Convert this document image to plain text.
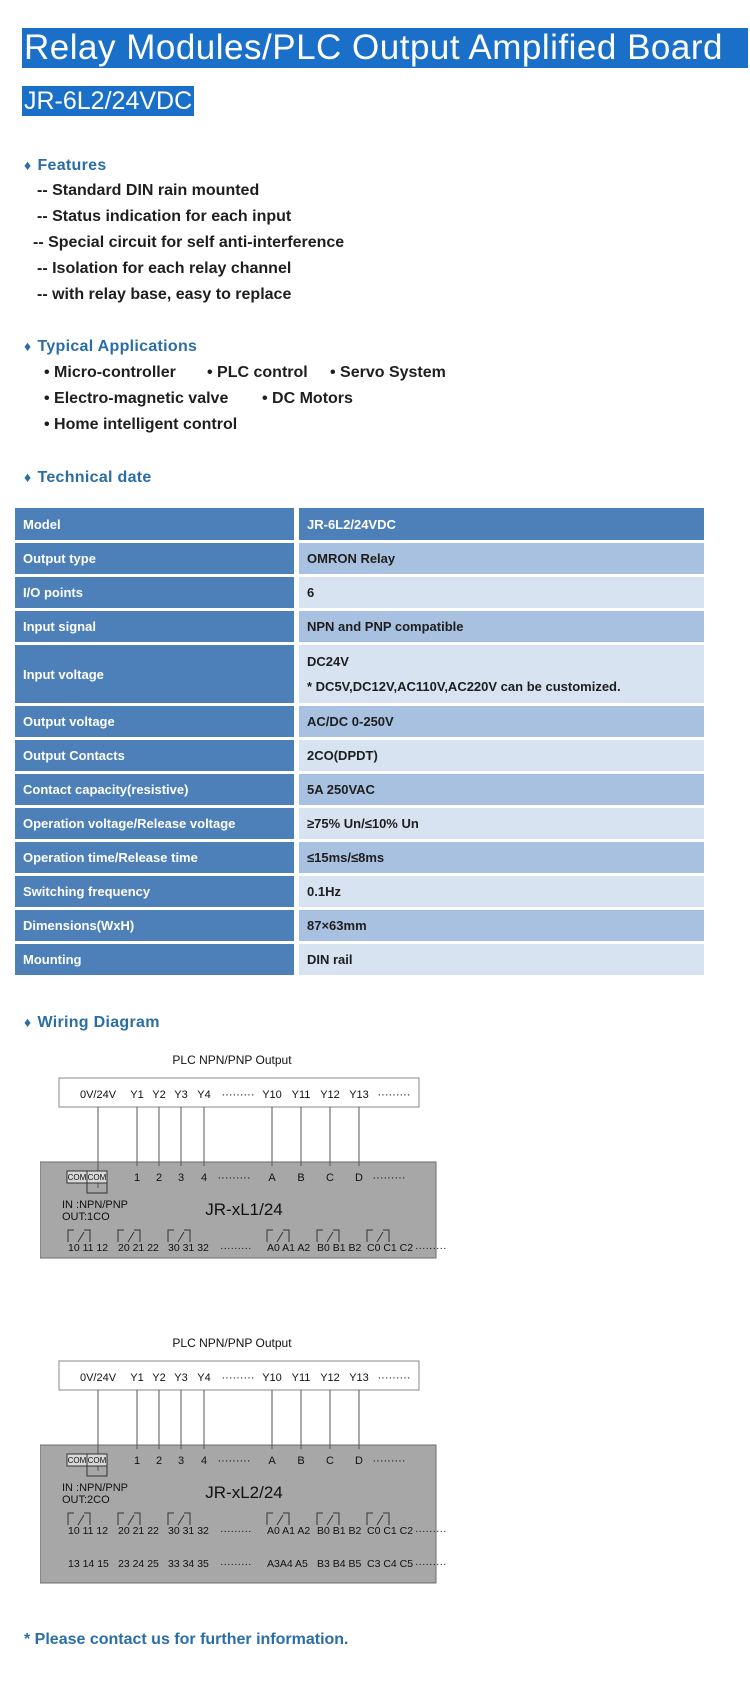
Relay Modules/PLC Output Amplified Board
JR-6L2/24VDC
♦ Features
-- Standard DIN rain mounted
-- Status indication for each input
-- Special circuit for self anti-interference
-- Isolation for each relay channel
-- with relay base, easy to replace
♦ Typical Applications
• Micro-controller • PLC control • Servo System
• Electro-magnetic valve • DC Motors
• Home intelligent control
♦ Technical date
Model		JR-6L2/24VDC
Output type		OMRON Relay
I/O points		6
Input signal		NPN and PNP compatible
Input voltage		DC24V
* DC5V,DC12V,AC110V,AC220V can be customized.

Output voltage		AC/DC 0-250V
Output Contacts		2CO(DPDT)
Contact capacity(resistive)		5A 250VAC
Operation voltage/Release voltage		≥75% Un/≤10% Un
Operation time/Release time		≤15ms/≤8ms
Switching frequency		0.1Hz
Dimensions(WxH)		87×63mm
Mounting		DIN rail
♦ Wiring Diagram
PLC NPN/PNP Output
0V/24V Y1 Y2 Y3 Y4 ········· Y10 Y11 Y12 Y13 ·········
COM COM	1 2 3 4 ········· A B C D ·········
IN :NPN/PNP
OUT:1CO	JR-xL1/24
10 11 12 20 21 22 30 31 32 ········· A0 A1 A2 B0 B1 B2 C0 C1 C2 ·········
PLC NPN/PNP Output
0V/24V Y1 Y2 Y3 Y4 ········· Y10 Y11 Y12 Y13 ·········
COM COM	1 2 3 4 ········· A B C D ·········
IN :NPN/PNP
OUT:2CO	JR-xL2/24
10 11 12 20 21 22 30 31 32 ········· A0 A1 A2 B0 B1 B2 C0 C1 C2 ·········
13 14 15 23 24 25 33 34 35 ········· A3A4 A5 B3 B4 B5 C3 C4 C5 ·········
* Please contact us for further information.
